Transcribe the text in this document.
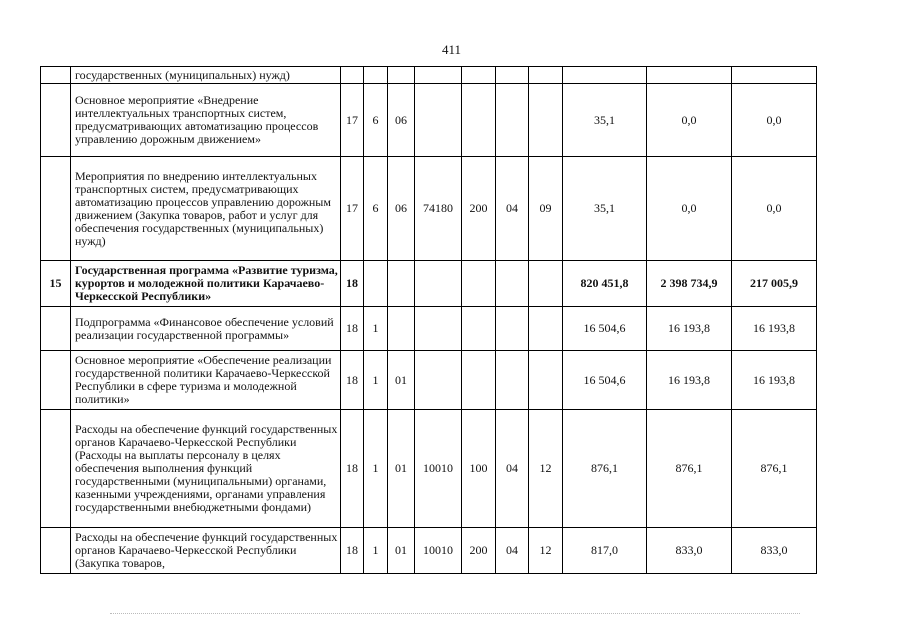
411
	государственных (муниципальных) нужд)										
	Основное мероприятие «Внедрение интеллектуальных транспортных систем, предусматривающих автоматизацию процессов управлению дорожным движением»	17	6	06					35,1	0,0	0,0
	Мероприятия по внедрению интеллектуальных транспортных систем, предусматривающих автоматизацию процессов управлению дорожным движением (Закупка товаров, работ и услуг для обеспечения государственных (муниципальных) нужд)	17	6	06	74180	200	04	09	35,1	0,0	0,0
15	Государственная программа «Развитие туризма, курортов и молодежной политики Карачаево-Черкесской Республики»	18							820 451,8	2 398 734,9	217 005,9
	Подпрограмма «Финансовое обеспечение условий реализации государственной программы»	18	1						16 504,6	16 193,8	16 193,8
	Основное мероприятие «Обеспечение реализации государственной политики Карачаево-Черкесской Республики в сфере туризма и молодежной политики»	18	1	01					16 504,6	16 193,8	16 193,8
	Расходы на обеспечение функций государственных органов Карачаево-Черкесской Республики (Расходы на выплаты персоналу в целях обеспечения выполнения функций государственными (муниципальными) органами, казенными учреждениями, органами управления государственными внебюджетными фондами)	18	1	01	10010	100	04	12	876,1	876,1	876,1
	Расходы на обеспечение функций государственных органов Карачаево-Черкесской Республики (Закупка товаров,	18	1	01	10010	200	04	12	817,0	833,0	833,0
